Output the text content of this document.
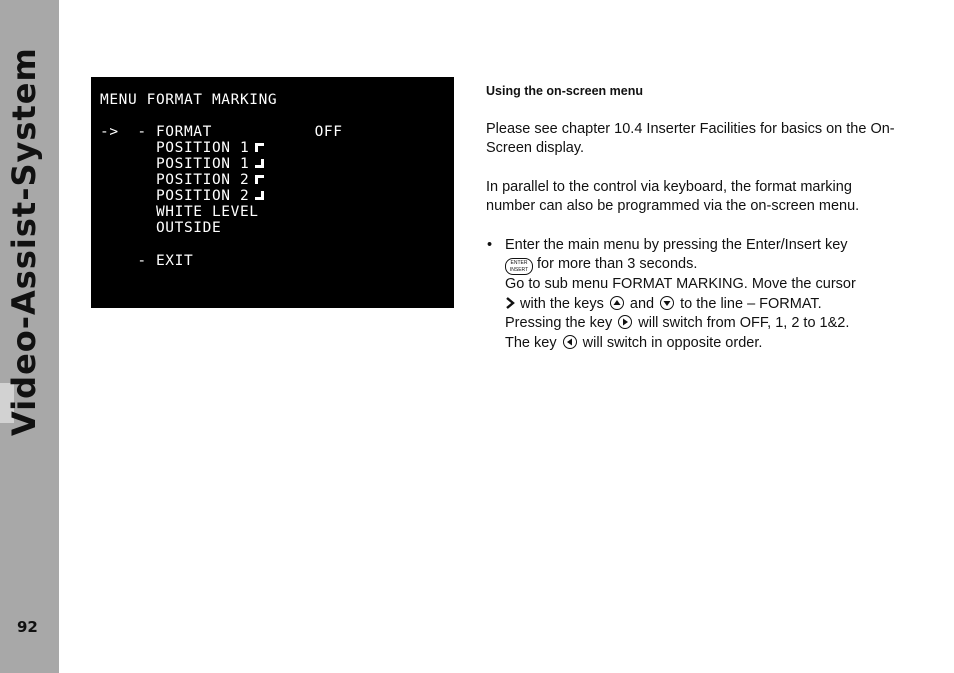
Video-Assist-System
92
MENU FORMAT MARKING
->  - FORMAT           OFF
POSITION 1
POSITION 1
POSITION 2
POSITION 2
WHITE LEVEL
OUTSIDE
- EXIT
Using the on-screen menu
Please see chapter 10.4 Inserter Facilities for basics on the On-Screen display.
In parallel to the control via keyboard, the format marking number can also be programmed via the on-screen menu.
• Enter the main menu by pressing the Enter/Insert key
ENTER
INSERT for more than 3 seconds.
Go to sub menu FORMAT MARKING. Move the cursor
with the keys and to the line – FORMAT.
Pressing the key will switch from OFF, 1, 2 to 1&2.
The key will switch in opposite order.
